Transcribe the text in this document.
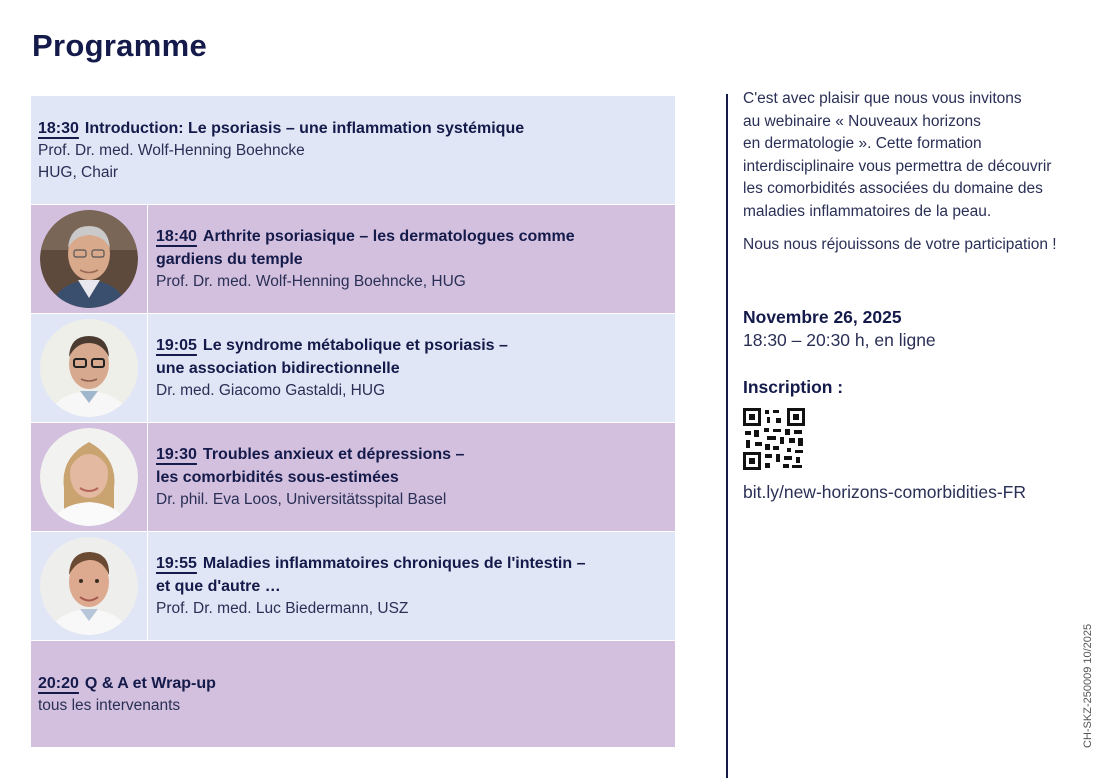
Programme
18:30 Introduction: Le psoriasis – une inflammation systémique
Prof. Dr. med. Wolf-Henning Boehncke
HUG, Chair
18:40 Arthrite psoriasique – les dermatologues comme
gardiens du temple
Prof. Dr. med. Wolf-Henning Boehncke, HUG
19:05 Le syndrome métabolique et psoriasis –
une association bidirectionnelle
Dr. med. Giacomo Gastaldi, HUG
19:30 Troubles anxieux et dépressions –
les comorbidités sous-estimées
Dr. phil. Eva Loos, Universitätsspital Basel
19:55 Maladies inflammatoires chroniques de l'intestin –
et que d'autre …
Prof. Dr. med. Luc Biedermann, USZ
20:20 Q & A et Wrap-up
tous les intervenants
C'est avec plaisir que nous vous invitons
au webinaire « Nouveaux horizons
en dermatologie ». Cette formation
interdisciplinaire vous permettra de découvrir
les comorbidités associées du domaine des
maladies inflammatoires de la peau.
Nous nous réjouissons de votre participation !
Novembre 26, 2025
18:30 – 20:30 h, en ligne
Inscription :
bit.ly/new-horizons-comorbidities-FR
CH-SKZ-250009 10/2025
